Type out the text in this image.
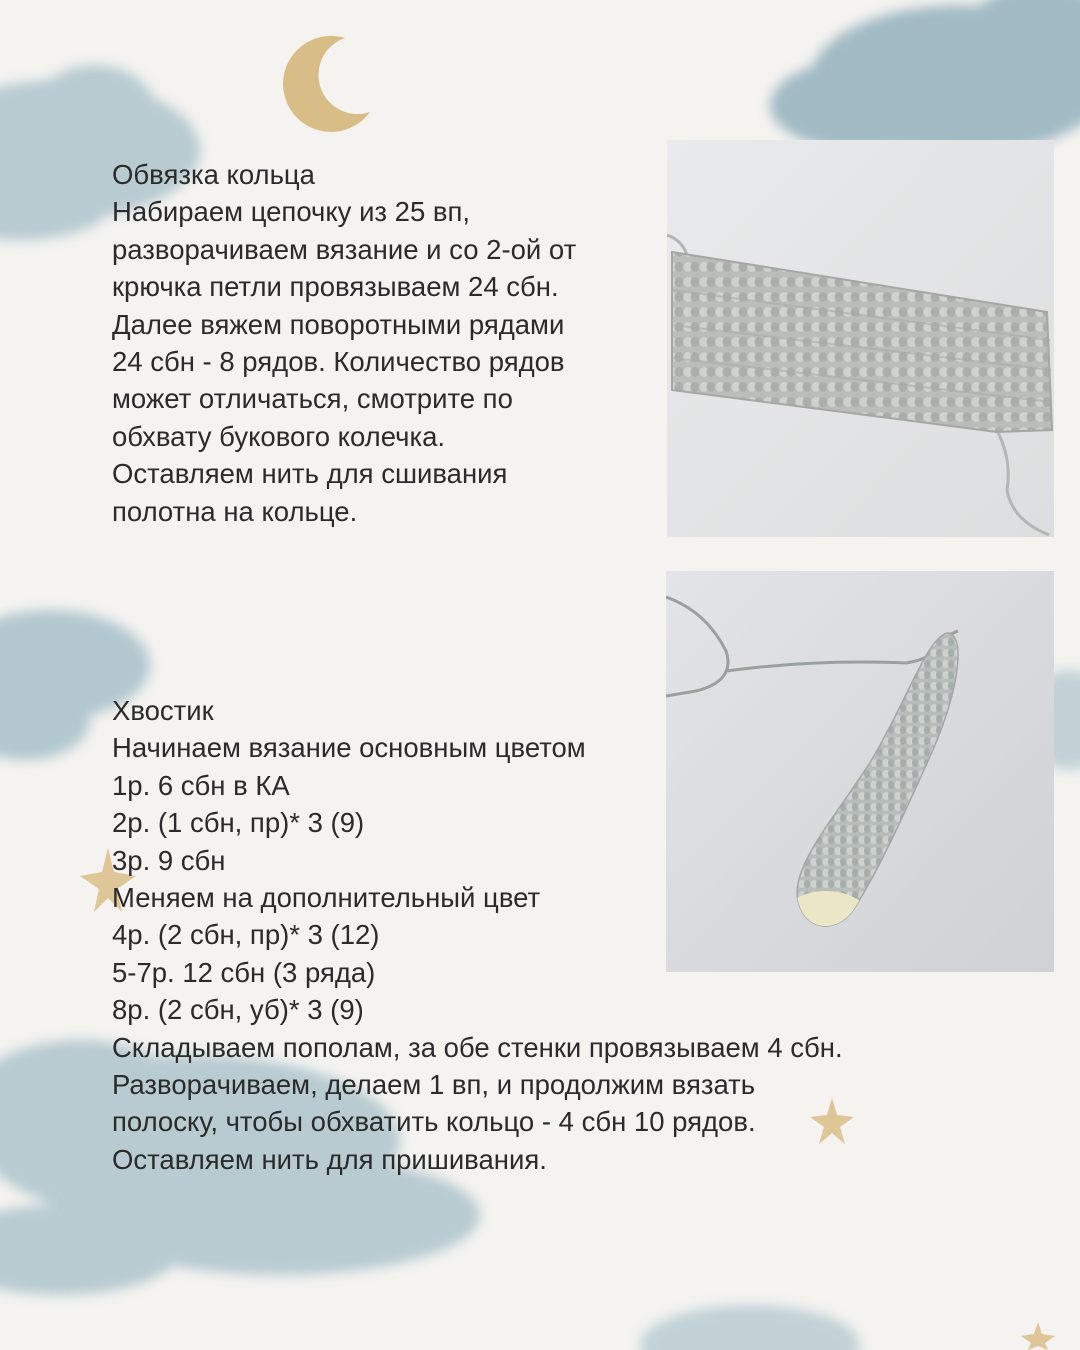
Обвязка кольца
Набираем цепочку из 25 вп,
разворачиваем вязание и со 2-ой от
крючка петли провязываем 24 сбн.
Далее вяжем поворотными рядами
24 сбн - 8 рядов. Количество рядов
может отличаться, смотрите по
обхвату букового колечка.
Оставляем нить для сшивания
полотна на кольце.
Хвостик
Начинаем вязание основным цветом
1р. 6 сбн в КА
2р. (1 сбн, пр)* 3 (9)
3р. 9 сбн
Меняем на дополнительный цвет
4р. (2 сбн, пр)* 3 (12)
5-7р. 12 сбн (3 ряда)
8р. (2 сбн, уб)* 3 (9)
Складываем пополам, за обе стенки провязываем 4 сбн.
Разворачиваем, делаем 1 вп, и продолжим вязать
полоску, чтобы обхватить кольцо - 4 сбн 10 рядов.
Оставляем нить для пришивания.
